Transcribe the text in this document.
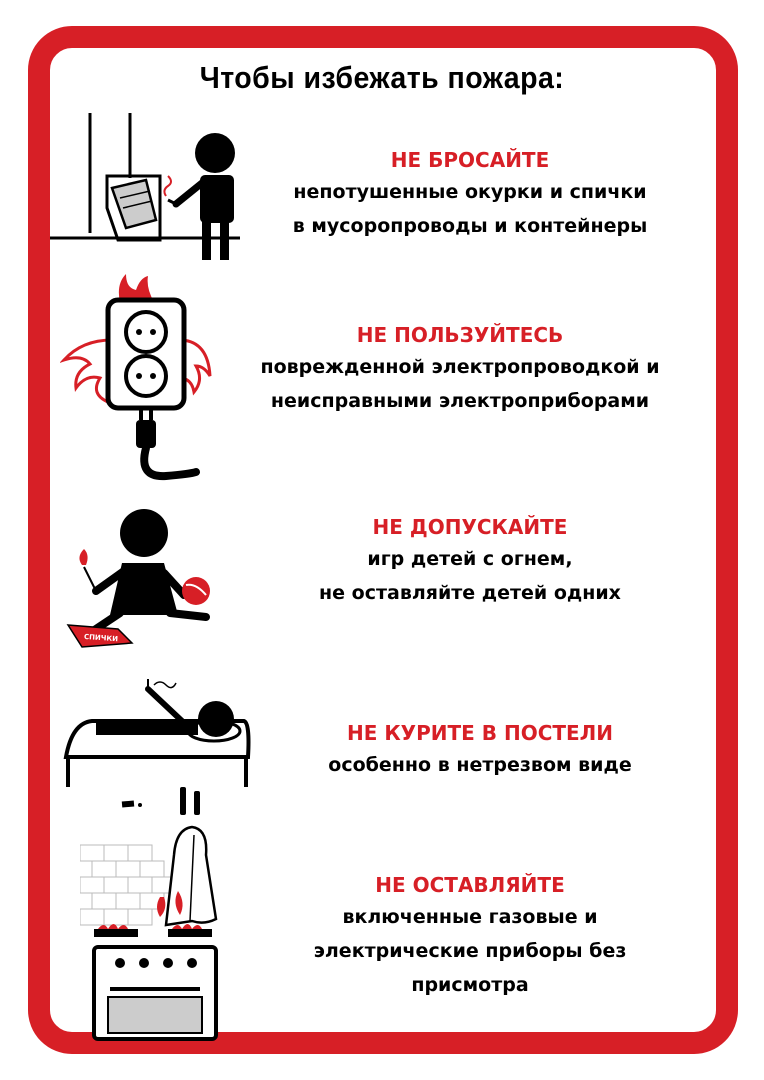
Чтобы избежать пожара:
НЕ БРОСАЙТЕ
непотушенные окурки и спички
в мусоропроводы и контейнеры
НЕ ПОЛЬЗУЙТЕСЬ
поврежденной электропроводкой и
неисправными электроприборами
НЕ ДОПУСКАЙТЕ
игр детей с огнем,
не оставляйте детей одних
СПИЧКИ
НЕ КУРИТЕ В ПОСТЕЛИ
особенно в нетрезвом виде
НЕ ОСТАВЛЯЙТЕ
включенные газовые и
электрические приборы без
присмотра
